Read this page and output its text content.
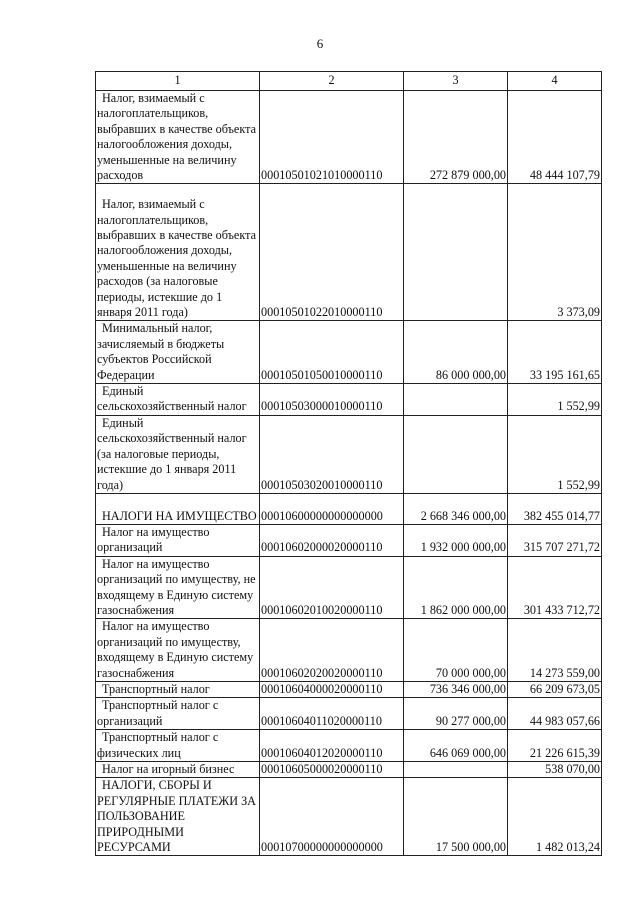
6
1	2	3	4
Налог, взимаемый с налогоплательщиков, выбравших в качестве объекта налогообложения доходы, уменьшенные на величину расходов	00010501021010000110	272 879 000,00	48 444 107,79
Налог, взимаемый с налогоплательщиков, выбравших в качестве объекта налогообложения доходы, уменьшенные на величину расходов (за налоговые периоды, истекшие до 1 января 2011 года)	00010501022010000110		3 373,09
Минимальный налог, зачисляемый в бюджеты субъектов Российской Федерации	00010501050010000110	86 000 000,00	33 195 161,65
Единый сельскохозяйственный налог	00010503000010000110		1 552,99
Единый сельскохозяйственный налог (за налоговые периоды, истекшие до 1 января 2011 года)	00010503020010000110		1 552,99
НАЛОГИ НА ИМУЩЕСТВО	00010600000000000000	2 668 346 000,00	382 455 014,77
Налог на имущество организаций	00010602000020000110	1 932 000 000,00	315 707 271,72
Налог на имущество организаций по имуществу, не входящему в Единую систему газоснабжения	00010602010020000110	1 862 000 000,00	301 433 712,72
Налог на имущество организаций по имуществу, входящему в Единую систему газоснабжения	00010602020020000110	70 000 000,00	14 273 559,00
Транспортный налог	00010604000020000110	736 346 000,00	66 209 673,05
Транспортный налог с организаций	00010604011020000110	90 277 000,00	44 983 057,66
Транспортный налог с физических лиц	00010604012020000110	646 069 000,00	21 226 615,39
Налог на игорный бизнес	00010605000020000110		538 070,00
НАЛОГИ, СБОРЫ И РЕГУЛЯРНЫЕ ПЛАТЕЖИ ЗА ПОЛЬЗОВАНИЕ ПРИРОДНЫМИ РЕСУРСАМИ	00010700000000000000	17 500 000,00	1 482 013,24
